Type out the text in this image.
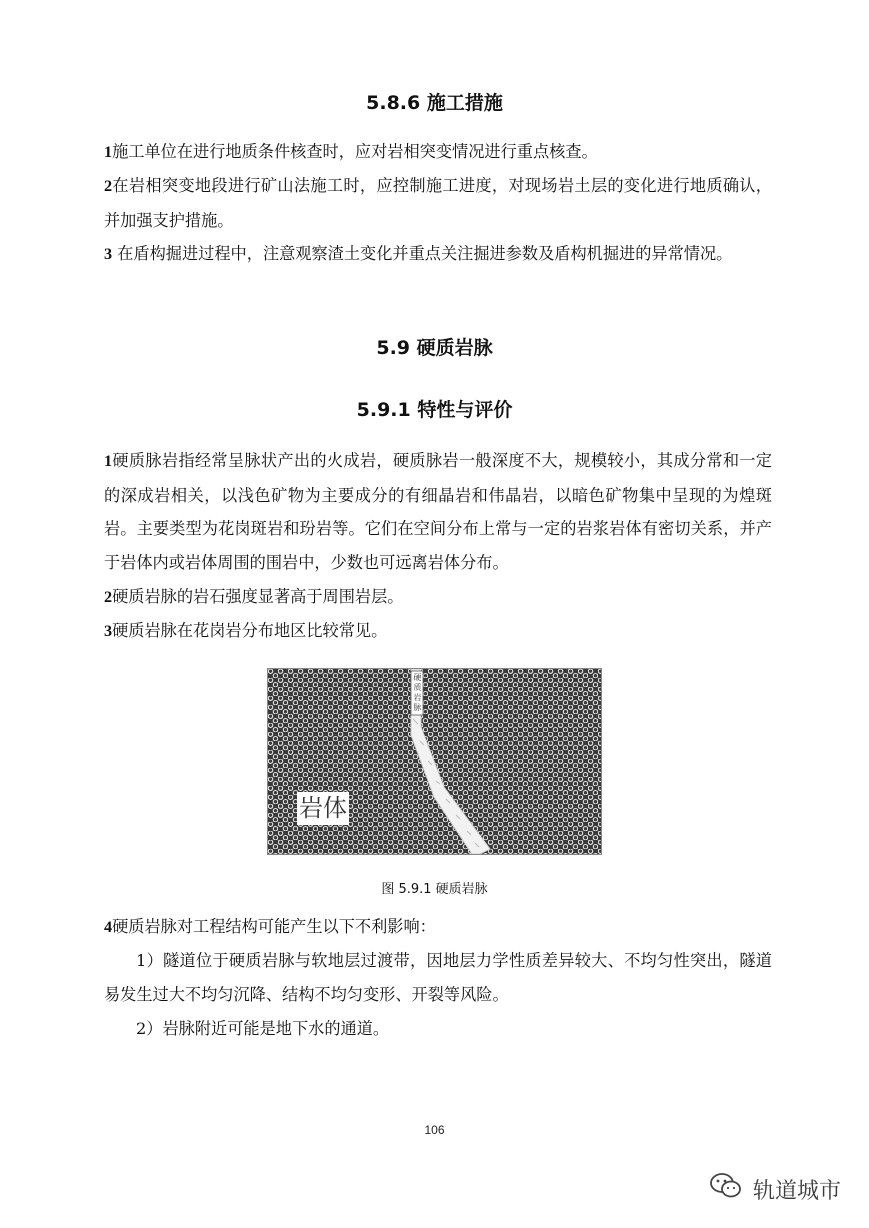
5.8.6 施工措施
1施工单位在进行地质条件核查时，应对岩相突变情况进行重点核查。
2在岩相突变地段进行矿山法施工时，应控制施工进度，对现场岩土层的变化进行地质确认，并加强支护措施。
3 在盾构掘进过程中，注意观察渣土变化并重点关注掘进参数及盾构机掘进的异常情况。
5.9 硬质岩脉
5.9.1 特性与评价
1硬质脉岩指经常呈脉状产出的火成岩，硬质脉岩一般深度不大，规模较小，其成分常和一定的深成岩相关，以浅色矿物为主要成分的有细晶岩和伟晶岩，以暗色矿物集中呈现的为煌斑岩。主要类型为花岗斑岩和玢岩等。它们在空间分布上常与一定的岩浆岩体有密切关系，并产于岩体内或岩体周围的围岩中，少数也可远离岩体分布。
2硬质岩脉的岩石强度显著高于周围岩层。
3硬质岩脉在花岗岩分布地区比较常见。
硬质岩脉
岩体
图 5.9.1 硬质岩脉
4硬质岩脉对工程结构可能产生以下不利影响：
1）隧道位于硬质岩脉与软地层过渡带，因地层力学性质差异较大、不均匀性突出，隧道易发生过大不均匀沉降、结构不均匀变形、开裂等风险。
2）岩脉附近可能是地下水的通道。
106
轨道城市
